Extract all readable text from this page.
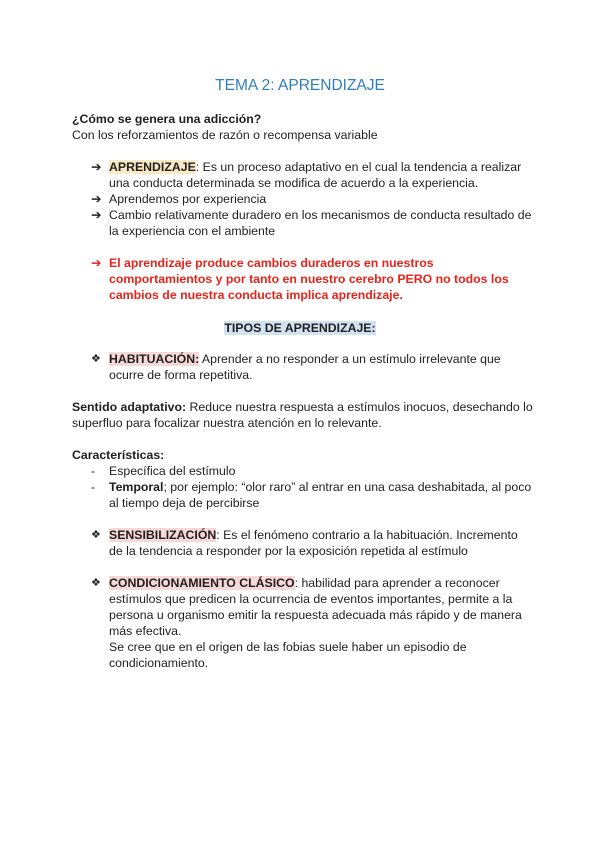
TEMA 2: APRENDIZAJE
¿Cómo se genera una adicción?
Con los reforzamientos de razón o recompensa variable
➔ APRENDIZAJE: Es un proceso adaptativo en el cual la tendencia a realizar
una conducta determinada se modifica de acuerdo a la experiencia.
➔ Aprendemos por experiencia
➔ Cambio relativamente duradero en los mecanismos de conducta resultado de
la experiencia con el ambiente
➔ El aprendizaje produce cambios duraderos en nuestros
comportamientos y por tanto en nuestro cerebro PERO no todos los
cambios de nuestra conducta implica aprendizaje.
TIPOS DE APRENDIZAJE:
❖ HABITUACIÓN: Aprender a no responder a un estímulo irrelevante que
ocurre de forma repetitiva.
Sentido adaptativo: Reduce nuestra respuesta a estímulos inocuos, desechando lo
superfluo para focalizar nuestra atención en lo relevante.
Características:
- Específica del estímulo
- Temporal; por ejemplo: “olor raro” al entrar en una casa deshabitada, al poco
al tiempo deja de percibirse
❖ SENSIBILIZACIÓN: Es el fenómeno contrario a la habituación. Incremento
de la tendencia a responder por la exposición repetida al estímulo
❖ CONDICIONAMIENTO CLÁSICO: habilidad para aprender a reconocer
estímulos que predicen la ocurrencia de eventos importantes, permite a la
persona u organismo emitir la respuesta adecuada más rápido y de manera
más efectiva.
Se cree que en el origen de las fobias suele haber un episodio de
condicionamiento.
